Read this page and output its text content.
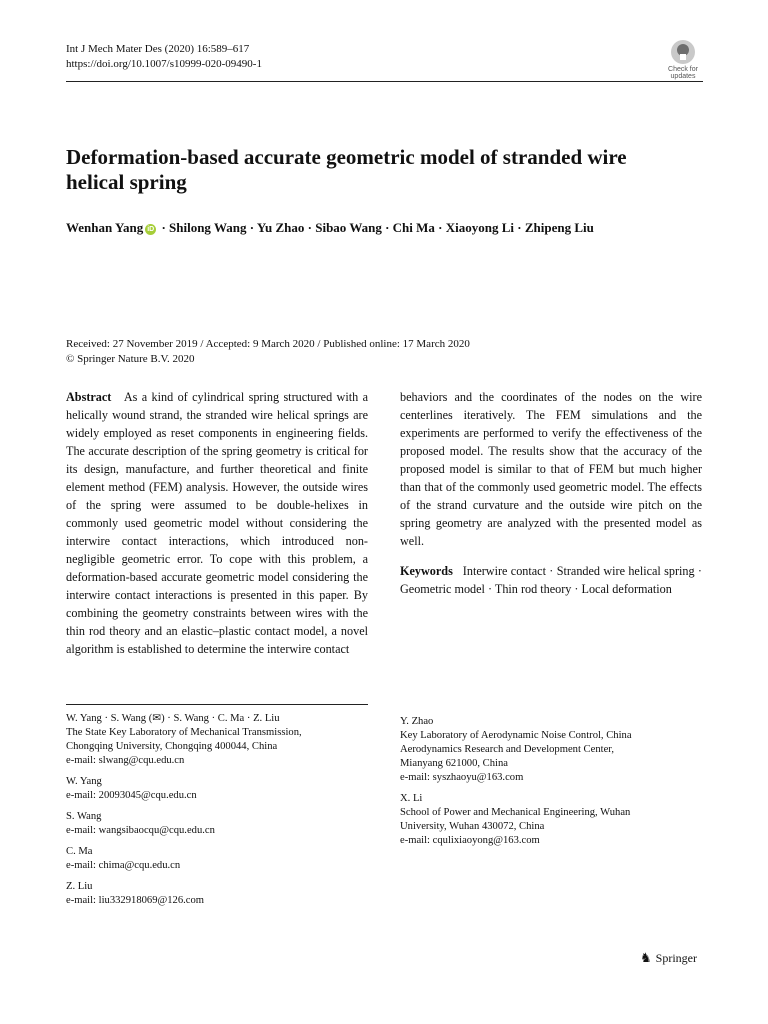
Int J Mech Mater Des (2020) 16:589–617
https://doi.org/10.1007/s10999-020-09490-1	Check for updates
Deformation-based accurate geometric model of stranded wire helical spring
Wenhan Yang iD · Shilong Wang · Yu Zhao · Sibao Wang · Chi Ma · Xiaoyong Li · Zhipeng Liu
Received: 27 November 2019 / Accepted: 9 March 2020 / Published online: 17 March 2020
© Springer Nature B.V. 2020
Abstract As a kind of cylindrical spring structured with a helically wound strand, the stranded wire helical springs are widely employed as reset components in engineering fields. The accurate description of the spring geometry is critical for its design, manufacture, and further theoretical and finite element method (FEM) analysis. However, the outside wires of the spring were assumed to be double-helixes in commonly used geometric model without considering the interwire contact interactions, which introduced non-negligible geometric error. To cope with this problem, a deformation-based accurate geometric model considering the interwire contact interactions is presented in this paper. By combining the geometry constraints between wires with the thin rod theory and an elastic–plastic contact model, a novel algorithm is established to determine the interwire contact
behaviors and the coordinates of the nodes on the wire centerlines iteratively. The FEM simulations and the experiments are performed to verify the effectiveness of the proposed model. The results show that the accuracy of the proposed model is similar to that of FEM but much higher than that of the commonly used geometric model. The effects of the strand curvature and the outside wire pitch on the spring geometry are analyzed with the presented model as well.
Keywords Interwire contact · Stranded wire helical spring · Geometric model · Thin rod theory · Local deformation
W. Yang · S. Wang (✉) · S. Wang · C. Ma · Z. Liu
The State Key Laboratory of Mechanical Transmission,
Chongqing University, Chongqing 400044, China
e-mail: slwang@cqu.edu.cn
W. Yang
e-mail: 20093045@cqu.edu.cn
S. Wang
e-mail: wangsibaocqu@cqu.edu.cn
C. Ma
e-mail: chima@cqu.edu.cn
Z. Liu
e-mail: liu332918069@126.com
Y. Zhao
Key Laboratory of Aerodynamic Noise Control, China
Aerodynamics Research and Development Center,
Mianyang 621000, China
e-mail: syszhaoyu@163.com
X. Li
School of Power and Mechanical Engineering, Wuhan
University, Wuhan 430072, China
e-mail: cqulixiaoyong@163.com
♞ Springer
